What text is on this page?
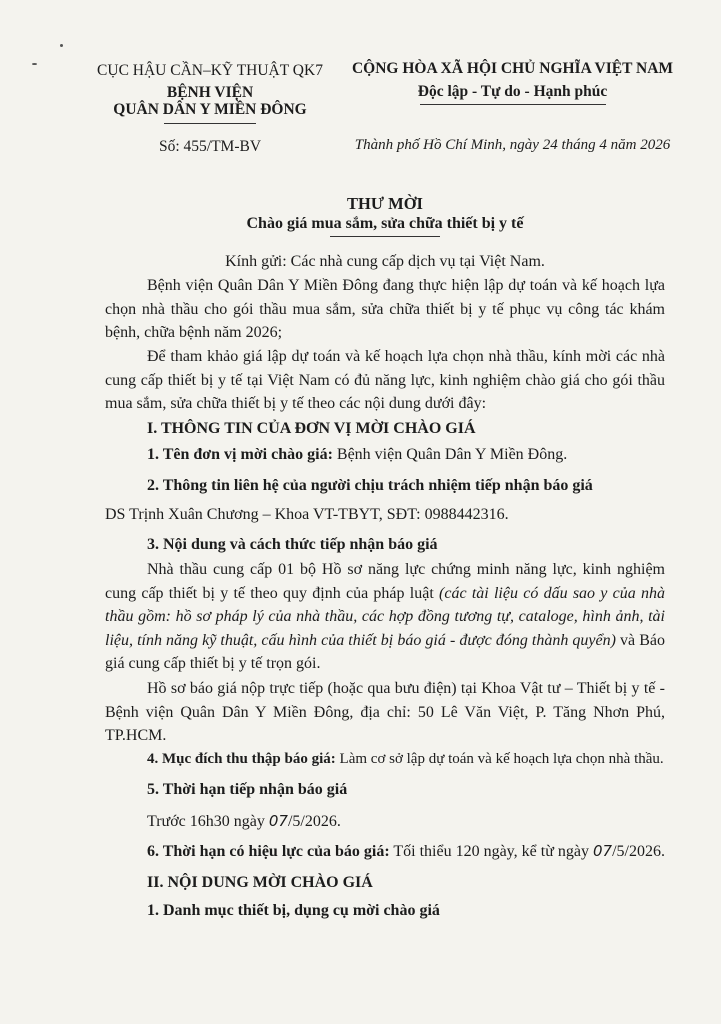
CỤC HẬU CẦN–KỸ THUẬT QK7
BỆNH VIỆN
QUÂN DÂN Y MIỀN ĐÔNG
Số: 455/TM-BV
CỘNG HÒA XÃ HỘI CHỦ NGHĨA VIỆT NAM
Độc lập - Tự do - Hạnh phúc
Thành phố Hồ Chí Minh, ngày 24 tháng 4 năm 2026
THƯ MỜI
Chào giá mua sắm, sửa chữa thiết bị y tế
Kính gửi: Các nhà cung cấp dịch vụ tại Việt Nam.
Bệnh viện Quân Dân Y Miền Đông đang thực hiện lập dự toán và kế hoạch lựa chọn nhà thầu cho gói thầu mua sắm, sửa chữa thiết bị y tế phục vụ công tác khám bệnh, chữa bệnh năm 2026;
Để tham khảo giá lập dự toán và kế hoạch lựa chọn nhà thầu, kính mời các nhà cung cấp thiết bị y tế tại Việt Nam có đủ năng lực, kinh nghiệm chào giá cho gói thầu mua sắm, sửa chữa thiết bị y tế theo các nội dung dưới đây:
I. THÔNG TIN CỦA ĐƠN VỊ MỜI CHÀO GIÁ
1. Tên đơn vị mời chào giá: Bệnh viện Quân Dân Y Miền Đông.
2. Thông tin liên hệ của người chịu trách nhiệm tiếp nhận báo giá
DS Trịnh Xuân Chương – Khoa VT-TBYT, SĐT: 0988442316.
3. Nội dung và cách thức tiếp nhận báo giá
Nhà thầu cung cấp 01 bộ Hồ sơ năng lực chứng minh năng lực, kinh nghiệm cung cấp thiết bị y tế theo quy định của pháp luật (các tài liệu có dấu sao y của nhà thầu gồm: hồ sơ pháp lý của nhà thầu, các hợp đồng tương tự, cataloge, hình ảnh, tài liệu, tính năng kỹ thuật, cấu hình của thiết bị báo giá - được đóng thành quyển) và Báo giá cung cấp thiết bị y tế trọn gói.
Hồ sơ báo giá nộp trực tiếp (hoặc qua bưu điện) tại Khoa Vật tư – Thiết bị y tế - Bệnh viện Quân Dân Y Miền Đông, địa chỉ: 50 Lê Văn Việt, P. Tăng Nhơn Phú, TP.HCM.
4. Mục đích thu thập báo giá: Làm cơ sở lập dự toán và kế hoạch lựa chọn nhà thầu.
5. Thời hạn tiếp nhận báo giá
Trước 16h30 ngày 07/5/2026.
6. Thời hạn có hiệu lực của báo giá: Tối thiểu 120 ngày, kể từ ngày 07/5/2026.
II. NỘI DUNG MỜI CHÀO GIÁ
1. Danh mục thiết bị, dụng cụ mời chào giá
